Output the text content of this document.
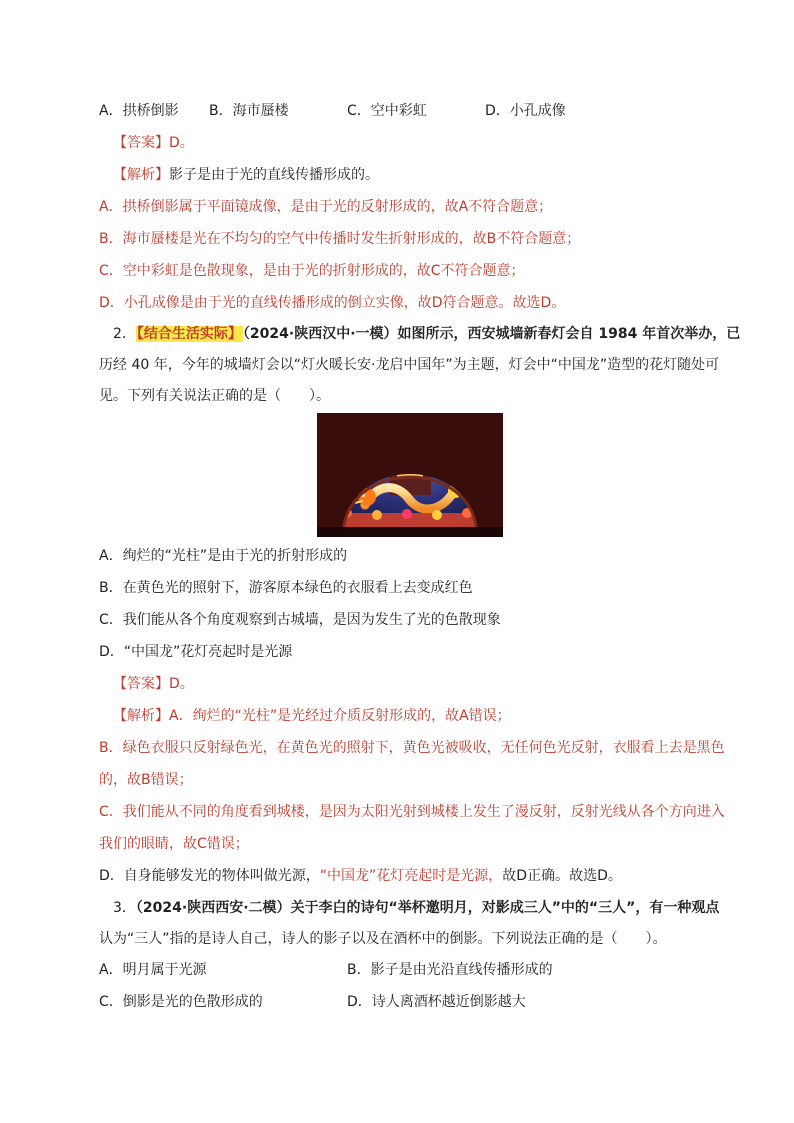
A．拱桥倒影 B．海市蜃楼	C．空中彩虹	D．小孔成像
【答案】D。
【解析】影子是由于光的直线传播形成的。
A．拱桥倒影属于平面镜成像，是由于光的反射形成的，故A不符合题意；
B．海市蜃楼是光在不均匀的空气中传播时发生折射形成的，故B不符合题意；
C．空中彩虹是色散现象，是由于光的折射形成的，故C不符合题意；
D．小孔成像是由于光的直线传播形成的倒立实像，故D符合题意。故选D。
2．【结合生活实际】（2024·陕西汉中·一模）如图所示，西安城墙新春灯会自 1984 年首次举办，已
历经 40 年，今年的城墙灯会以“灯火暖长安·龙启中国年”为主题，灯会中“中国龙”造型的花灯随处可
见。下列有关说法正确的是（　　）。
A．绚烂的“光柱”是由于光的折射形成的
B．在黄色光的照射下，游客原本绿色的衣服看上去变成红色
C．我们能从各个角度观察到古城墙，是因为发生了光的色散现象
D．“中国龙”花灯亮起时是光源
【答案】D。
【解析】A．绚烂的“光柱”是光经过介质反射形成的，故A错误；
B．绿色衣服只反射绿色光，在黄色光的照射下，黄色光被吸收，无任何色光反射，衣服看上去是黑色
的，故B错误；
C．我们能从不同的角度看到城楼，是因为太阳光射到城楼上发生了漫反射，反射光线从各个方向进入
我们的眼睛，故C错误；
D．自身能够发光的物体叫做光源，“中国龙”花灯亮起时是光源，故D正确。故选D。
3．（2024·陕西西安·二模）关于李白的诗句“举杯邀明月，对影成三人”中的“三人”，有一种观点
认为“三人”指的是诗人自己，诗人的影子以及在酒杯中的倒影。下列说法正确的是（　　）。
A．明月属于光源	B．影子是由光沿直线传播形成的
C．倒影是光的色散形成的	D．诗人离酒杯越近倒影越大
